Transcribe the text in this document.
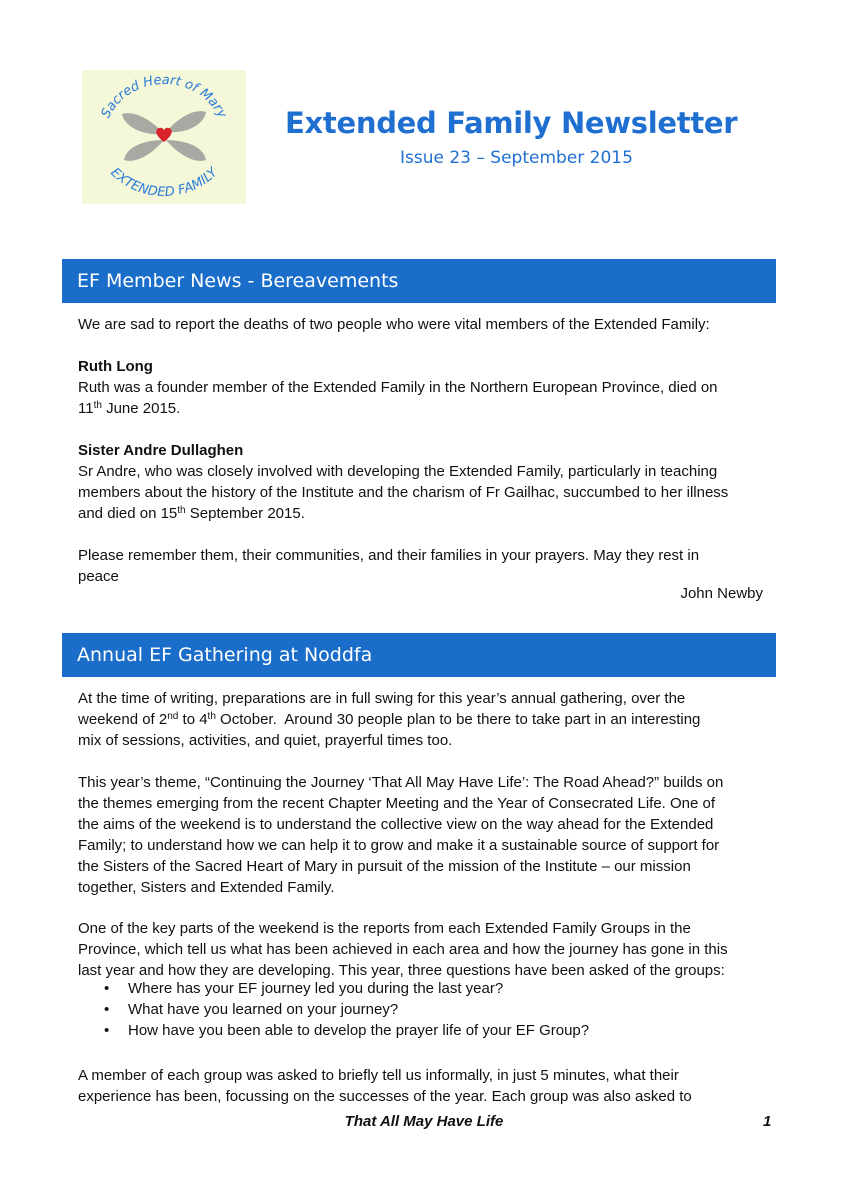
Sacred Heart of Mary
EXTENDED FAMILY
Extended Family Newsletter
Issue 23 – September 2015
EF Member News - Bereavements
We are sad to report the deaths of two people who were vital members of the Extended Family:
Ruth Long
Ruth was a founder member of the Extended Family in the Northern European Province, died on
11th June 2015.
Sister Andre Dullaghen
Sr Andre, who was closely involved with developing the Extended Family, particularly in teaching
members about the history of the Institute and the charism of Fr Gailhac, succumbed to her illness
and died on 15th September 2015.
Please remember them, their communities, and their families in your prayers. May they rest in
peace
John Newby
Annual EF Gathering at Noddfa
At the time of writing, preparations are in full swing for this year’s annual gathering, over the
weekend of 2nd to 4th October.  Around 30 people plan to be there to take part in an interesting
mix of sessions, activities, and quiet, prayerful times too.
This year’s theme, “Continuing the Journey ‘That All May Have Life’: The Road Ahead?” builds on
the themes emerging from the recent Chapter Meeting and the Year of Consecrated Life. One of
the aims of the weekend is to understand the collective view on the way ahead for the Extended
Family; to understand how we can help it to grow and make it a sustainable source of support for
the Sisters of the Sacred Heart of Mary in pursuit of the mission of the Institute – our mission
together, Sisters and Extended Family.
One of the key parts of the weekend is the reports from each Extended Family Groups in the
Province, which tell us what has been achieved in each area and how the journey has gone in this
last year and how they are developing. This year, three questions have been asked of the groups:
• Where has your EF journey led you during the last year?
• What have you learned on your journey?
• How have you been able to develop the prayer life of your EF Group?
A member of each group was asked to briefly tell us informally, in just 5 minutes, what their
experience has been, focussing on the successes of the year. Each group was also asked to
That All May Have Life	1
